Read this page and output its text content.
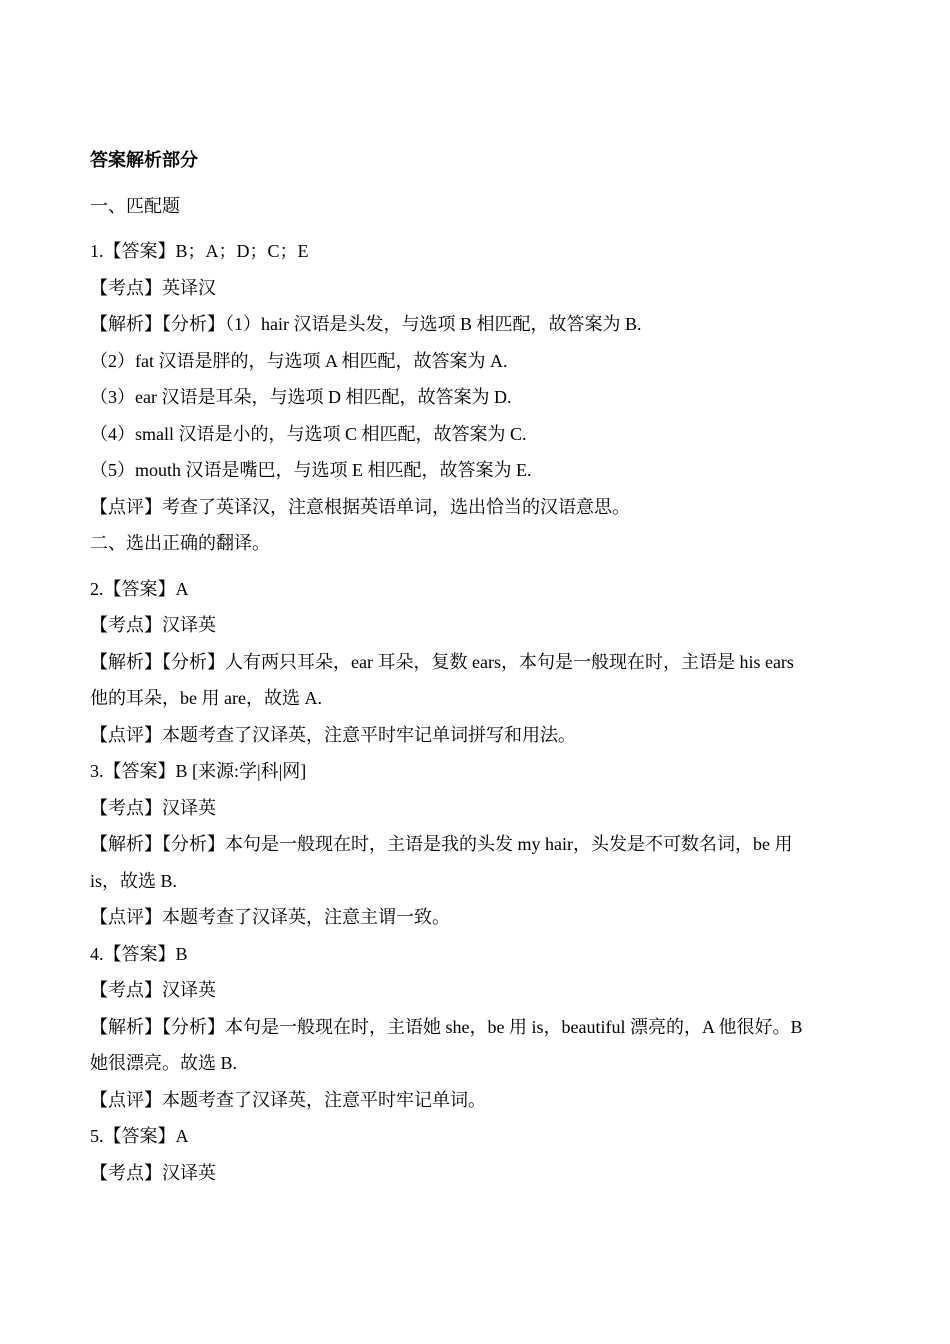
答案解析部分
一、匹配题
1.【答案】B；A；D；C；E
【考点】英译汉
【解析】【分析】（1）hair 汉语是头发，与选项 B 相匹配，故答案为 B.
（2）fat 汉语是胖的，与选项 A 相匹配，故答案为 A.
（3）ear 汉语是耳朵，与选项 D 相匹配，故答案为 D.
（4）small 汉语是小的，与选项 C 相匹配，故答案为 C.
（5）mouth 汉语是嘴巴，与选项 E 相匹配，故答案为 E.
【点评】考查了英译汉，注意根据英语单词，选出恰当的汉语意思。
二、选出正确的翻译。
2.【答案】A
【考点】汉译英
【解析】【分析】人有两只耳朵，ear 耳朵，复数 ears，本句是一般现在时，主语是 his ears
他的耳朵，be 用 are，故选 A.
【点评】本题考查了汉译英，注意平时牢记单词拼写和用法。
3.【答案】B [来源:学|科|网]
【考点】汉译英
【解析】【分析】本句是一般现在时，主语是我的头发 my hair，头发是不可数名词，be 用
is，故选 B.
【点评】本题考查了汉译英，注意主谓一致。
4.【答案】B
【考点】汉译英
【解析】【分析】本句是一般现在时，主语她 she，be 用 is，beautiful 漂亮的，A 他很好。B
她很漂亮。故选 B.
【点评】本题考查了汉译英，注意平时牢记单词。
5.【答案】A
【考点】汉译英
